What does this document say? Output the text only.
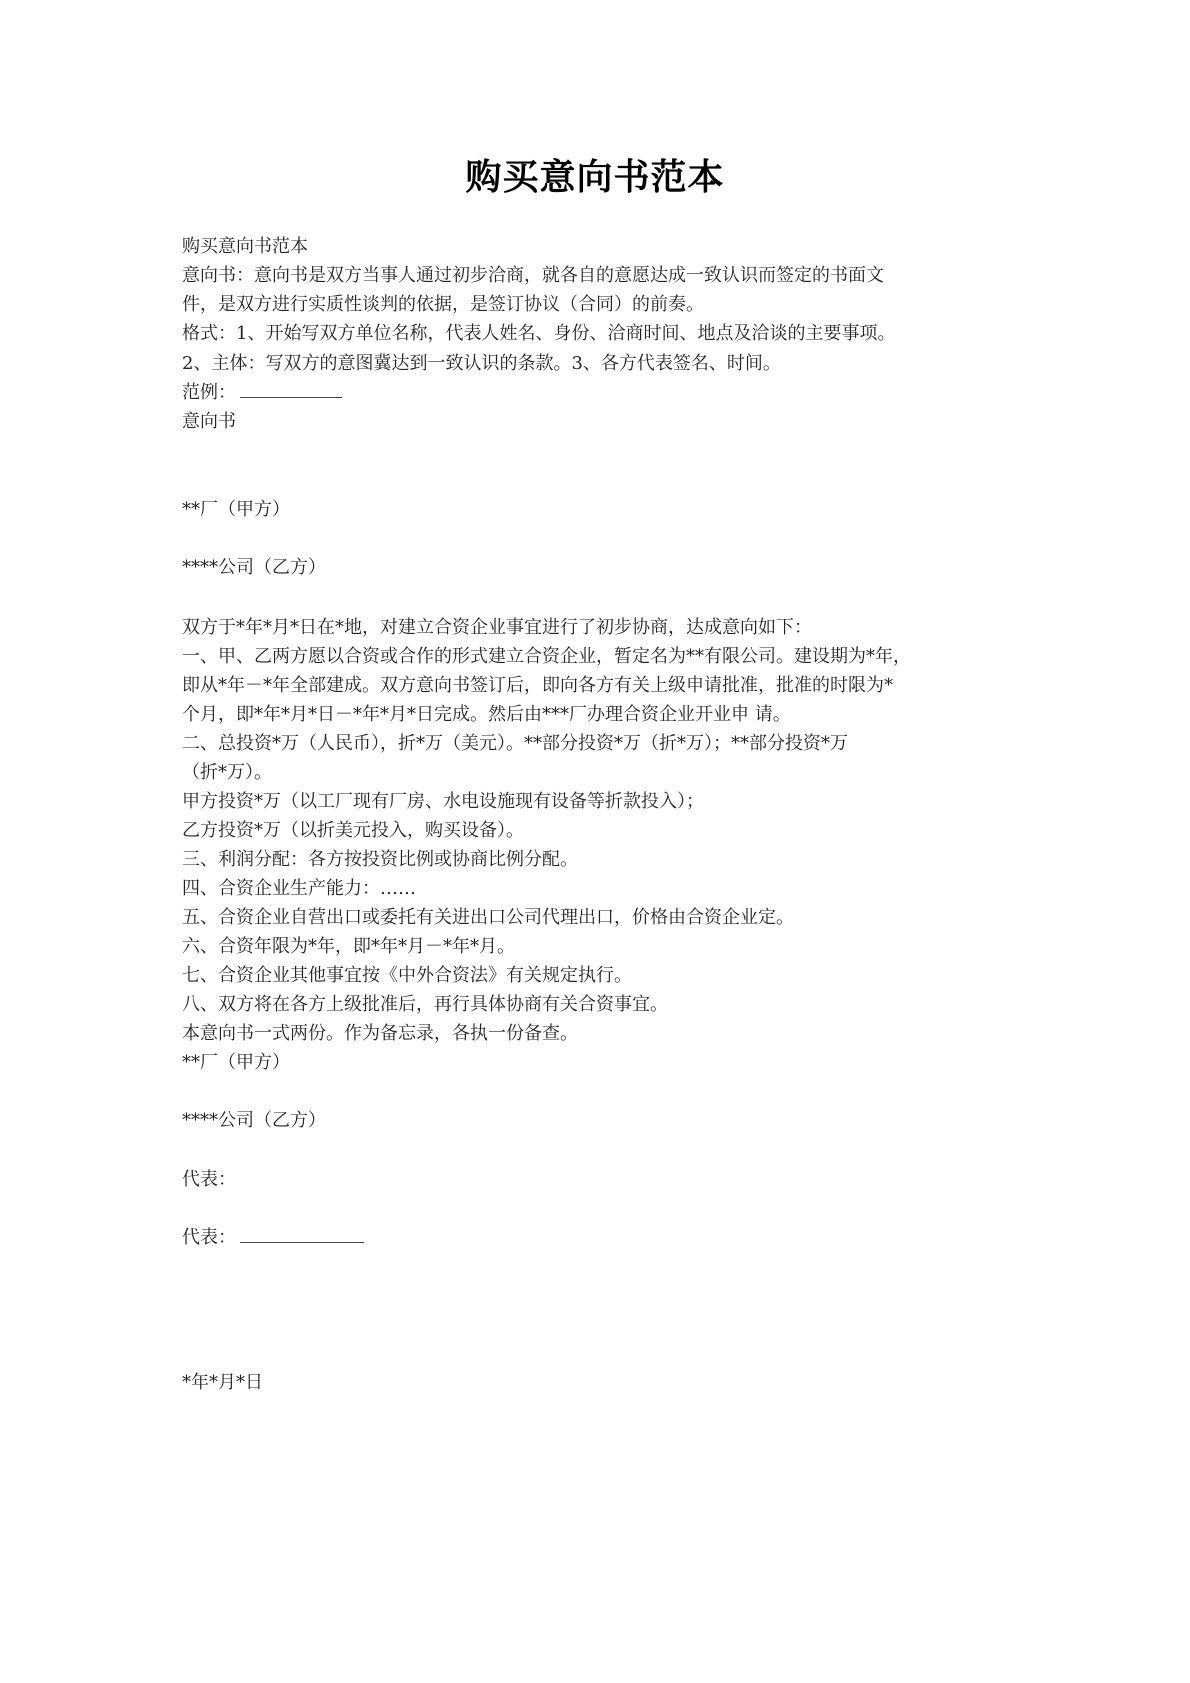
购买意向书范本
购买意向书范本
意向书：意向书是双方当事人通过初步洽商，就各自的意愿达成一致认识而签定的书面文
件，是双方进行实质性谈判的依据，是签订协议（合同）的前奏。
格式：1、开始写双方单位名称，代表人姓名、身份、洽商时间、地点及洽谈的主要事项。
2、主体：写双方的意图冀达到一致认识的条款。3、各方代表签名、时间。
范例：
意向书
**厂（甲方）
****公司（乙方）
双方于*年*月*日在*地，对建立合资企业事宜进行了初步协商，达成意向如下：
一、甲、乙两方愿以合资或合作的形式建立合资企业，暂定名为**有限公司。建设期为*年，
即从*年－*年全部建成。双方意向书签订后，即向各方有关上级申请批准，批准的时限为*
个月，即*年*月*日－*年*月*日完成。然后由***厂办理合资企业开业申 请。
二、总投资*万（人民币），折*万（美元）。**部分投资*万（折*万）；**部分投资*万
（折*万）。
甲方投资*万（以工厂现有厂房、水电设施现有设备等折款投入）；
乙方投资*万（以折美元投入，购买设备）。
三、利润分配：各方按投资比例或协商比例分配。
四、合资企业生产能力：……
五、合资企业自营出口或委托有关进出口公司代理出口，价格由合资企业定。
六、合资年限为*年，即*年*月－*年*月。
七、合资企业其他事宜按《中外合资法》有关规定执行。
八、双方将在各方上级批准后，再行具体协商有关合资事宜。
本意向书一式两份。作为备忘录，各执一份备查。
**厂（甲方）
****公司（乙方）
代表：
代表：
*年*月*日
